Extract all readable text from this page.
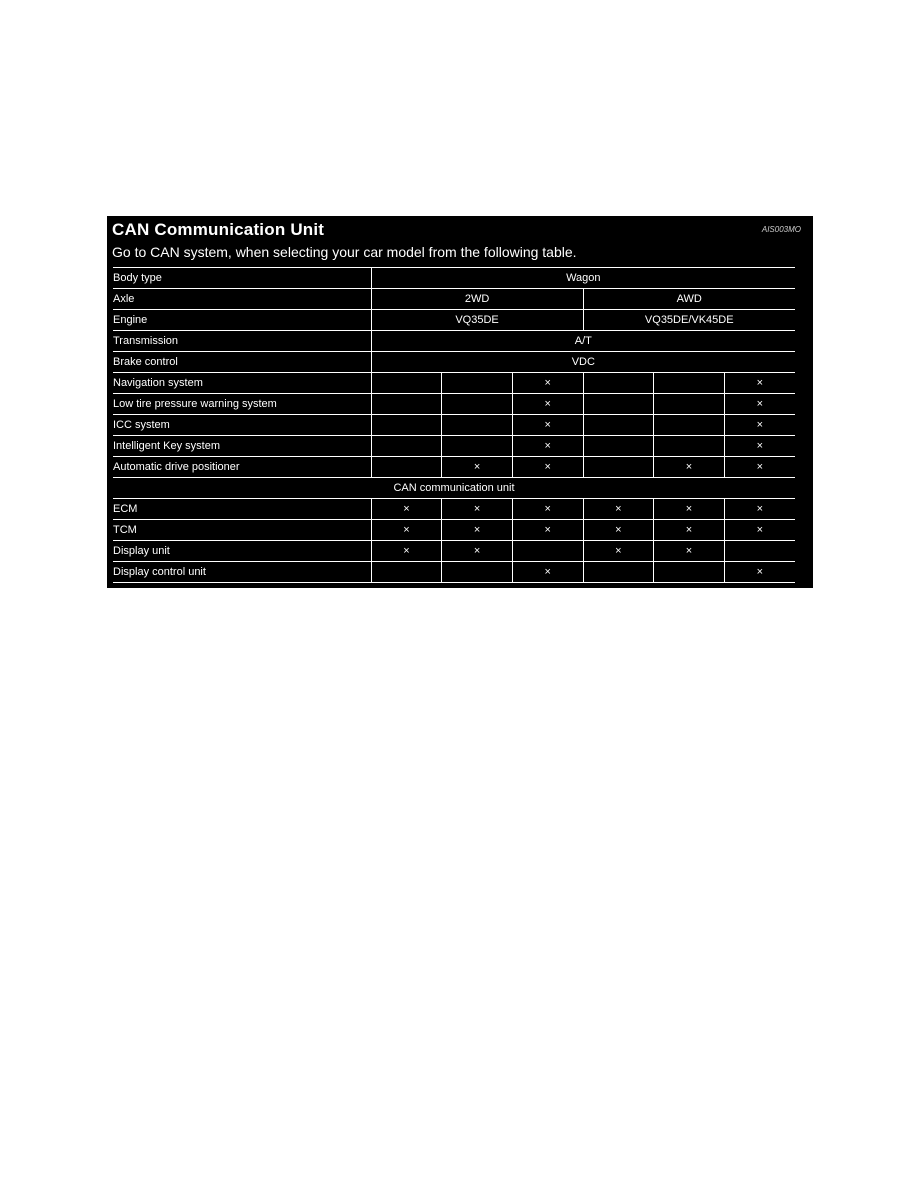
CAN Communication Unit	AIS003MO
Go to CAN system, when selecting your car model from the following table.
Body type	Wagon					
Axle	2WD			AWD		
Engine	VQ35DE			VQ35DE/VK45DE		
Transmission	A/T					
Brake control	VDC					
Navigation system			×			×
Low tire pressure warning system			×			×
ICC system			×			×
Intelligent Key system			×			×
Automatic drive positioner		×	×		×	×
CAN communication unit						
ECM	×	×	×	×	×	×
TCM	×	×	×	×	×	×
Display unit	×	×		×	×	
Display control unit			×			×
